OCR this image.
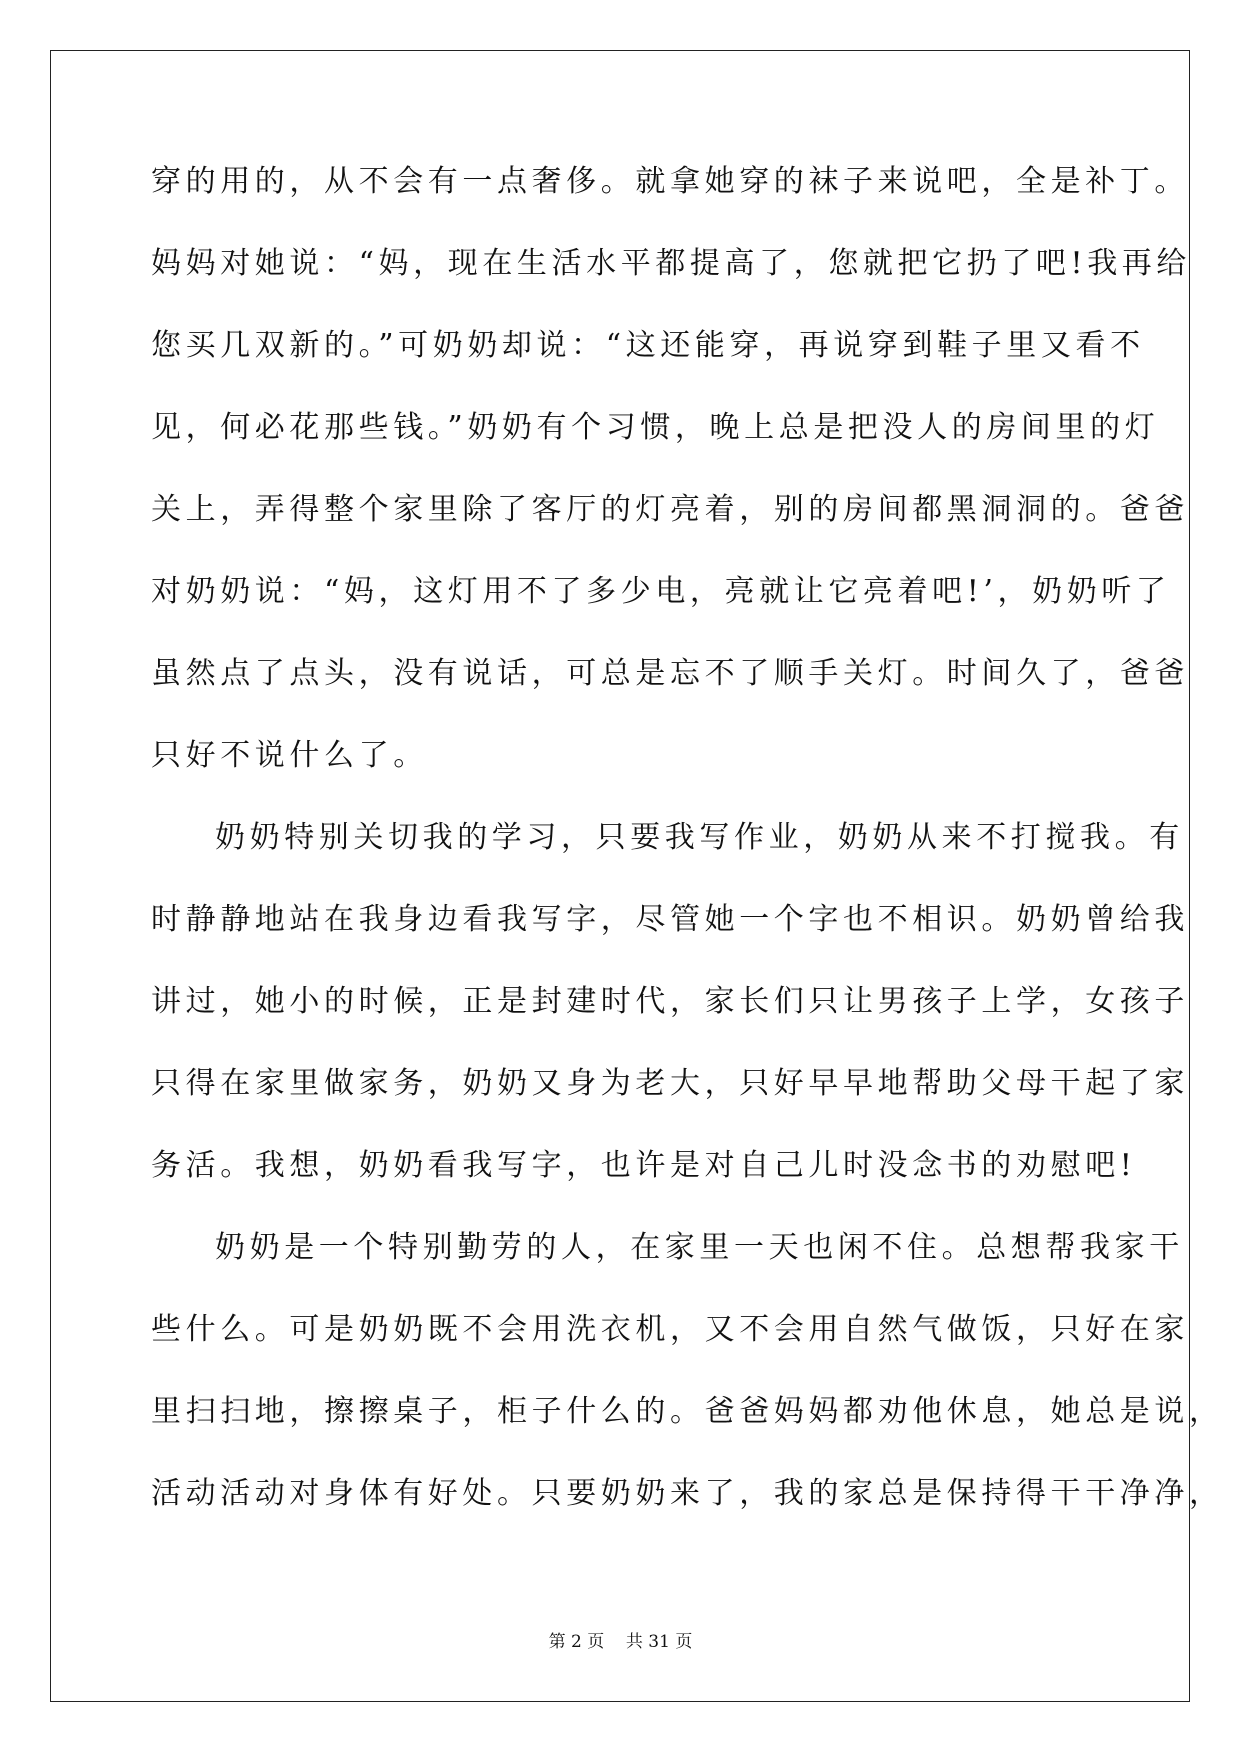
穿的用的，从不会有一点奢侈。就拿她穿的袜子来说吧，全是补丁。
妈妈对她说：“妈，现在生活水平都提高了，您就把它扔了吧!我再给
您买几双新的。”可奶奶却说：“这还能穿，再说穿到鞋子里又看不
见，何必花那些钱。”奶奶有个习惯，晚上总是把没人的房间里的灯
关上，弄得整个家里除了客厅的灯亮着，别的房间都黑洞洞的。爸爸
对奶奶说：“妈，这灯用不了多少电，亮就让它亮着吧!’，奶奶听了
虽然点了点头，没有说话，可总是忘不了顺手关灯。时间久了，爸爸
只好不说什么了。
奶奶特别关切我的学习，只要我写作业，奶奶从来不打搅我。有
时静静地站在我身边看我写字，尽管她一个字也不相识。奶奶曾给我
讲过，她小的时候，正是封建时代，家长们只让男孩子上学，女孩子
只得在家里做家务，奶奶又身为老大，只好早早地帮助父母干起了家
务活。我想，奶奶看我写字，也许是对自己儿时没念书的劝慰吧!
奶奶是一个特别勤劳的人，在家里一天也闲不住。总想帮我家干
些什么。可是奶奶既不会用洗衣机，又不会用自然气做饭，只好在家
里扫扫地，擦擦桌子，柜子什么的。爸爸妈妈都劝他休息，她总是说，
活动活动对身体有好处。只要奶奶来了，我的家总是保持得干干净净，
第 2 页    共 31 页
